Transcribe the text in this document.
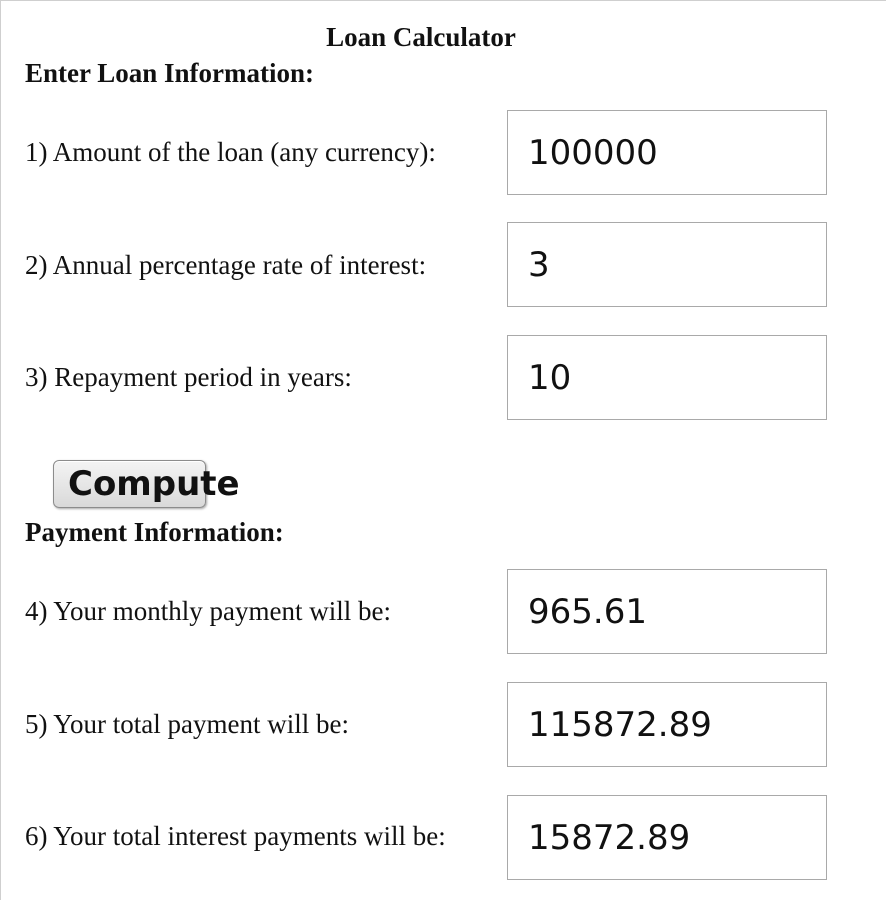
Loan Calculator
Enter Loan Information:
1) Amount of the loan (any currency):
100000
2) Annual percentage rate of interest:
3
3) Repayment period in years:
10
Compute
Payment Information:
4) Your monthly payment will be:
965.61
5) Your total payment will be:
115872.89
6) Your total interest payments will be:
15872.89
